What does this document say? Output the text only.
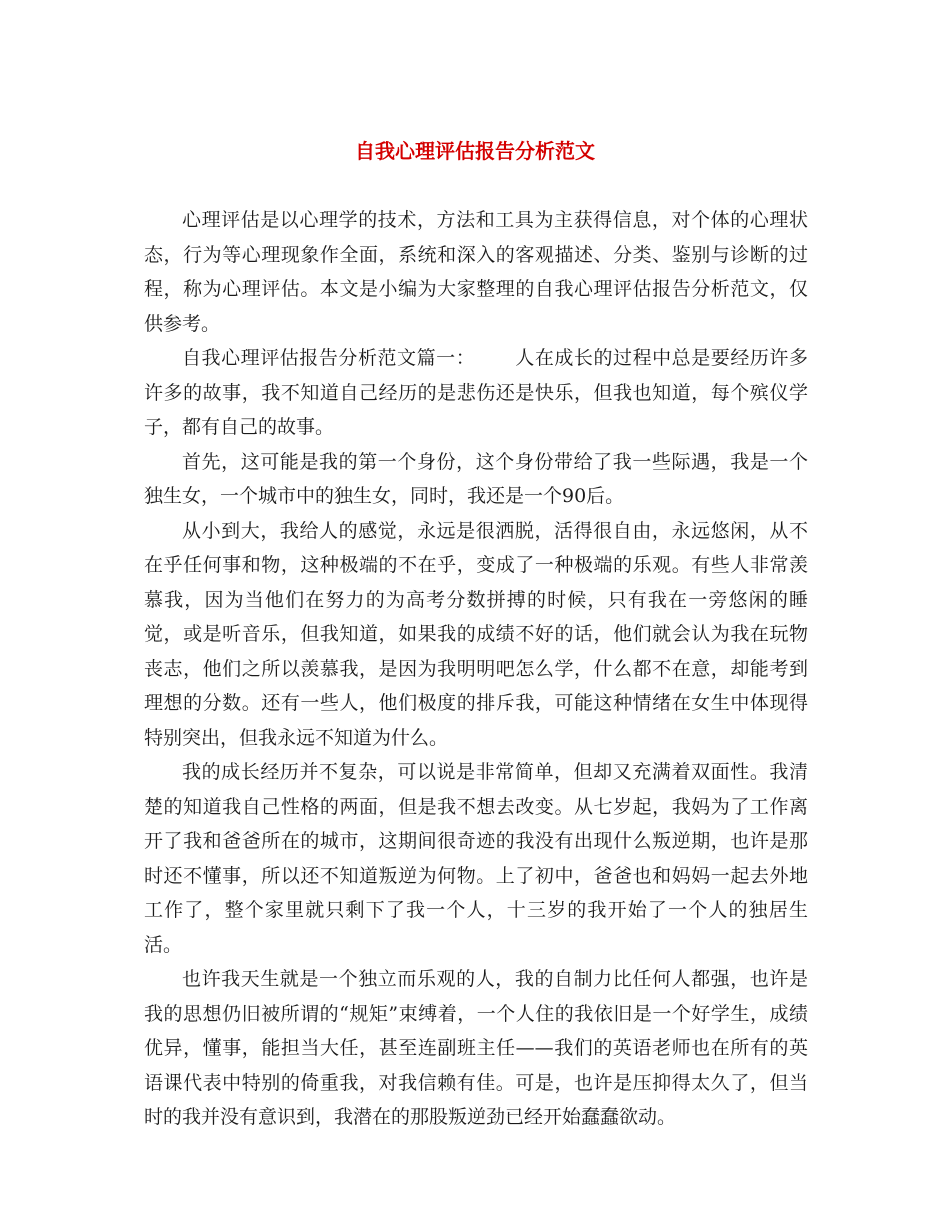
自我心理评估报告分析范文

心理评估是以心理学的技术，方法和工具为主获得信息，对个体的心理状态，行为等心理现象作全面，系统和深入的客观描述、分类、鉴别与诊断的过程，称为心理评估。本文是小编为大家整理的自我心理评估报告分析范文，仅供参考。

自我心理评估报告分析范文篇一： 人在成长的过程中总是要经历许多许多的故事，我不知道自己经历的是悲伤还是快乐，但我也知道，每个殡仪学子，都有自己的故事。

首先，这可能是我的第一个身份，这个身份带给了我一些际遇，我是一个独生女，一个城市中的独生女，同时，我还是一个90后。

从小到大，我给人的感觉，永远是很洒脱，活得很自由，永远悠闲，从不在乎任何事和物，这种极端的不在乎，变成了一种极端的乐观。有些人非常羡慕我，因为当他们在努力的为高考分数拼搏的时候，只有我在一旁悠闲的睡觉，或是听音乐，但我知道，如果我的成绩不好的话，他们就会认为我在玩物丧志，他们之所以羡慕我，是因为我明明吧怎么学，什么都不在意，却能考到理想的分数。还有一些人，他们极度的排斥我，可能这种情绪在女生中体现得特别突出，但我永远不知道为什么。

我的成长经历并不复杂，可以说是非常简单，但却又充满着双面性。我清楚的知道我自己性格的两面，但是我不想去改变。从七岁起，我妈为了工作离开了我和爸爸所在的城市，这期间很奇迹的我没有出现什么叛逆期，也许是那时还不懂事，所以还不知道叛逆为何物。上了初中，爸爸也和妈妈一起去外地工作了，整个家里就只剩下了我一个人，十三岁的我开始了一个人的独居生活。

也许我天生就是一个独立而乐观的人，我的自制力比任何人都强，也许是我的思想仍旧被所谓的“规矩”束缚着，一个人住的我依旧是一个好学生，成绩优异，懂事，能担当大任，甚至连副班主任——我们的英语老师也在所有的英语课代表中特别的倚重我，对我信赖有佳。可是，也许是压抑得太久了，但当时的我并没有意识到，我潜在的那股叛逆劲已经开始蠢蠢欲动。
